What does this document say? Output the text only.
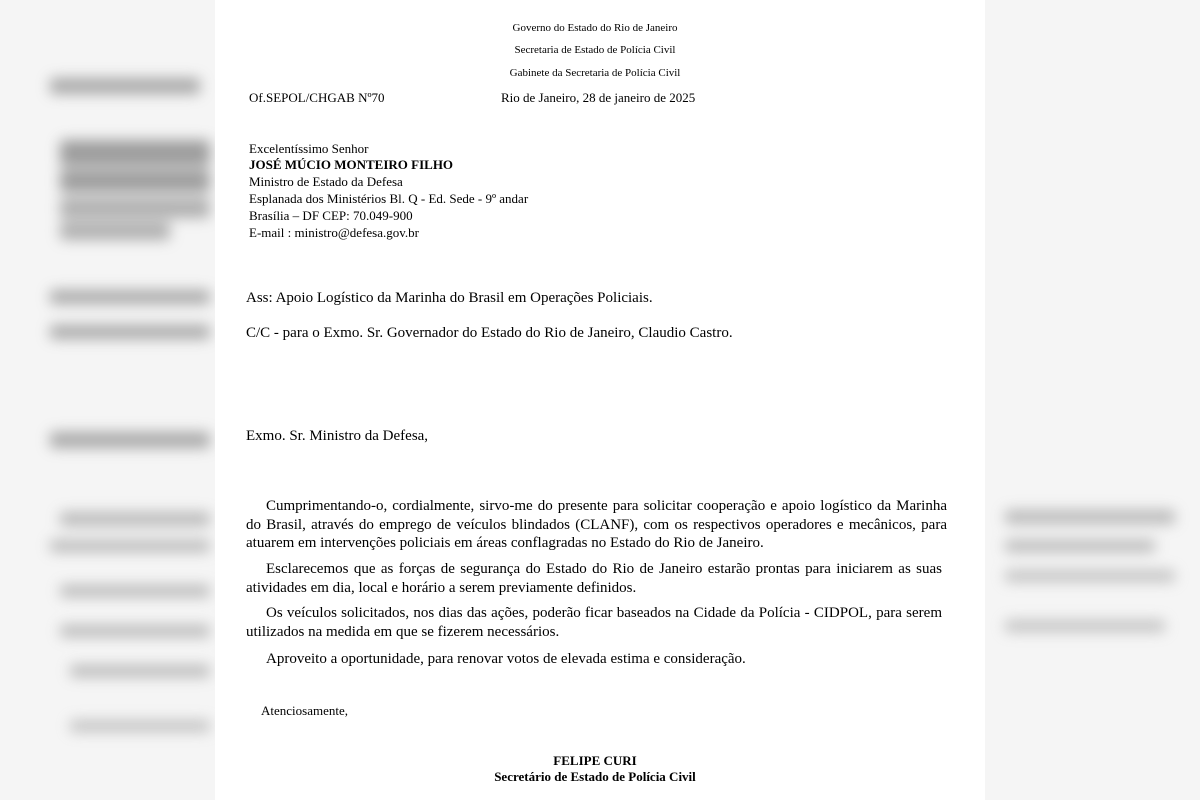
Governo do Estado do Rio de Janeiro
Secretaria de Estado de Polícia Civil
Gabinete da Secretaria de Polícia Civil
Of.SEPOL/CHGAB Nº70	Rio de Janeiro, 28 de janeiro de 2025
Excelentíssimo Senhor
JOSÉ MÚCIO MONTEIRO FILHO
Ministro de Estado da Defesa
Esplanada dos Ministérios Bl. Q - Ed. Sede - 9º andar
Brasília – DF CEP: 70.049-900
E-mail : ministro@defesa.gov.br
Ass: Apoio Logístico da Marinha do Brasil em Operações Policiais.
C/C - para o Exmo. Sr. Governador do Estado do Rio de Janeiro, Claudio Castro.
Exmo. Sr. Ministro da Defesa,
Cumprimentando-o, cordialmente, sirvo-me do presente para solicitar cooperação e apoio logístico da Marinha do Brasil, através do emprego de veículos blindados (CLANF), com os respectivos operadores e mecânicos, para atuarem em intervenções policiais em áreas conflagradas no Estado do Rio de Janeiro.
Esclarecemos que as forças de segurança do Estado do Rio de Janeiro estarão prontas para iniciarem as suas atividades em dia, local e horário a serem previamente definidos.
Os veículos solicitados, nos dias das ações, poderão ficar baseados na Cidade da Polícia - CIDPOL, para serem utilizados na medida em que se fizerem necessários.
Aproveito a oportunidade, para renovar votos de elevada estima e consideração.
Atenciosamente,
FELIPE CURI
Secretário de Estado de Polícia Civil
